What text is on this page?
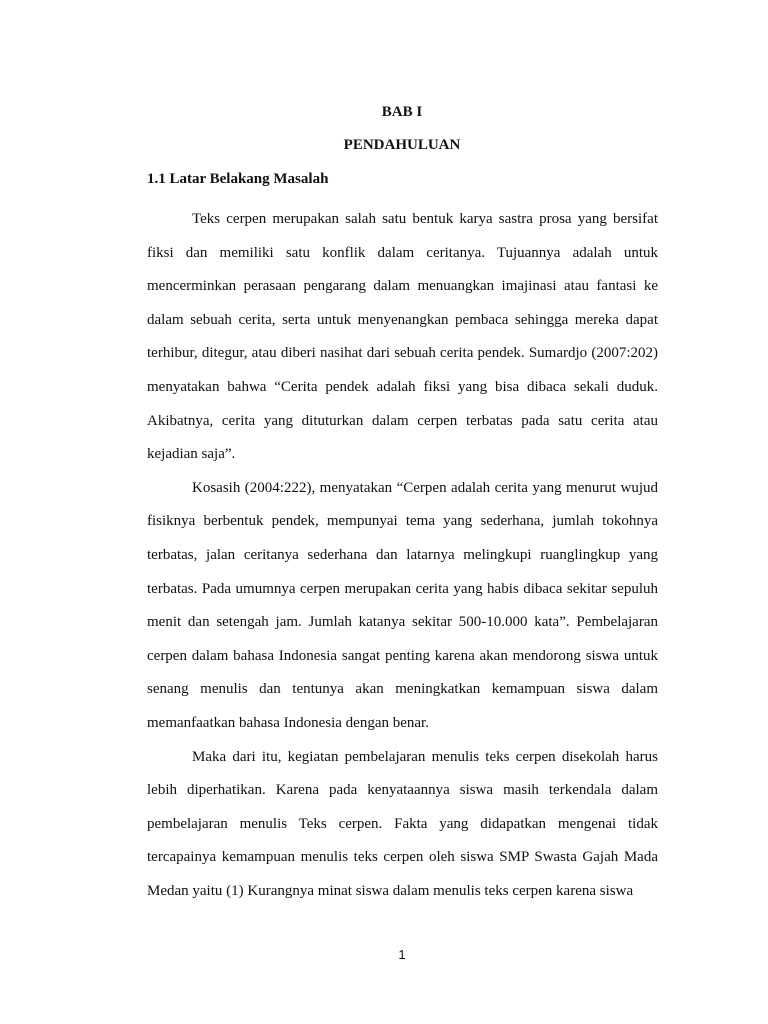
BAB I
PENDAHULUAN
1.1 Latar Belakang Masalah

Teks cerpen merupakan salah satu bentuk karya sastra prosa yang bersifat fiksi dan memiliki satu konflik dalam ceritanya. Tujuannya adalah untuk mencerminkan perasaan pengarang dalam menuangkan imajinasi atau fantasi ke dalam sebuah cerita, serta untuk menyenangkan pembaca sehingga mereka dapat terhibur, ditegur, atau diberi nasihat dari sebuah cerita pendek. Sumardjo (2007:202) menyatakan bahwa “Cerita pendek adalah fiksi yang bisa dibaca sekali duduk. Akibatnya, cerita yang dituturkan dalam cerpen terbatas pada satu cerita atau kejadian saja”.

Kosasih (2004:222), menyatakan “Cerpen adalah cerita yang menurut wujud fisiknya berbentuk pendek, mempunyai tema yang sederhana, jumlah tokohnya terbatas, jalan ceritanya sederhana dan latarnya melingkupi ruanglingkup yang terbatas. Pada umumnya cerpen merupakan cerita yang habis dibaca sekitar sepuluh menit dan setengah jam. Jumlah katanya sekitar 500-10.000 kata”. Pembelajaran cerpen dalam bahasa Indonesia sangat penting karena akan mendorong siswa untuk senang menulis dan tentunya akan meningkatkan kemampuan siswa dalam memanfaatkan bahasa Indonesia dengan benar.

Maka dari itu, kegiatan pembelajaran menulis teks cerpen disekolah harus lebih diperhatikan. Karena pada kenyataannya siswa masih terkendala dalam pembelajaran menulis Teks cerpen. Fakta yang didapatkan mengenai tidak tercapainya kemampuan menulis teks cerpen oleh siswa SMP Swasta Gajah Mada Medan yaitu (1) Kurangnya minat siswa dalam menulis teks cerpen karena siswa

1
